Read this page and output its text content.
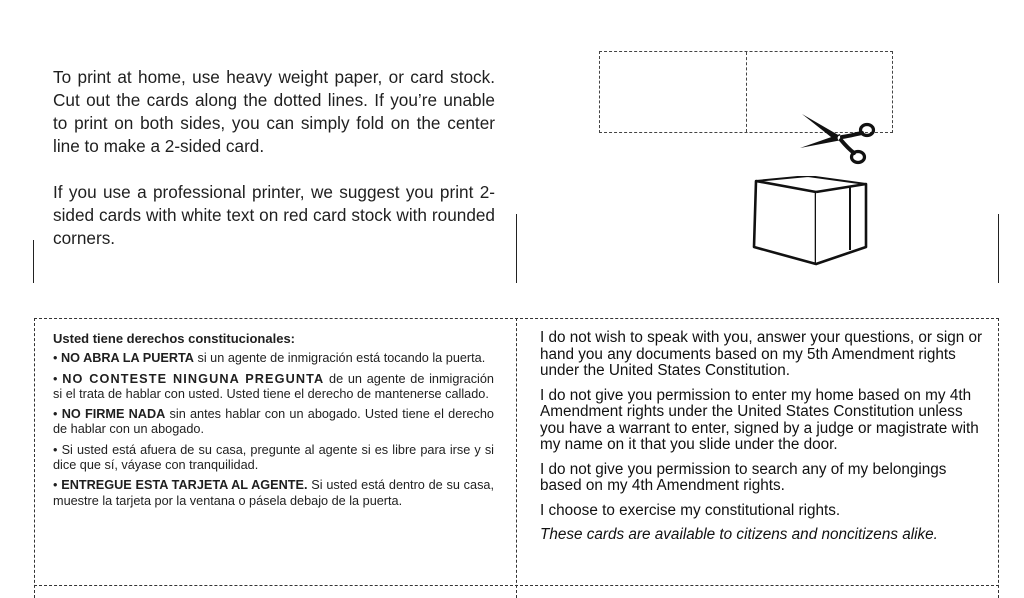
To print at home, use heavy weight paper, or card stock. Cut out the cards along the dotted lines. If you’re unable to print on both sides, you can simply fold on the center line to make a 2-sided card.

If you use a professional printer, we suggest you print 2-sided cards with white text on red card stock with rounded corners.

Usted tiene derechos constitucionales:

• NO ABRA LA PUERTA si un agente de inmigración está tocando la puerta.

• NO CONTESTE NINGUNA PREGUNTA de un agente de inmigración si el trata de hablar con usted. Usted tiene el derecho de mantenerse callado.

• NO FIRME NADA sin antes hablar con un abogado. Usted tiene el derecho de hablar con un abogado.

• Si usted está afuera de su casa, pregunte al agente si es libre para irse y si dice que sí, váyase con tranquilidad.

• ENTREGUE ESTA TARJETA AL AGENTE. Si usted está dentro de su casa, muestre la tarjeta por la ventana o pásela debajo de la puerta.

I do not wish to speak with you, answer your questions, or sign or hand you any documents based on my 5th Amendment rights under the United States Constitution.

I do not give you permission to enter my home based on my 4th Amendment rights under the United States Constitution unless you have a warrant to enter, signed by a judge or magistrate with my name on it that you slide under the door.

I do not give you permission to search any of my belongings based on my 4th Amendment rights.

I choose to exercise my constitutional rights.

These cards are available to citizens and noncitizens alike.
